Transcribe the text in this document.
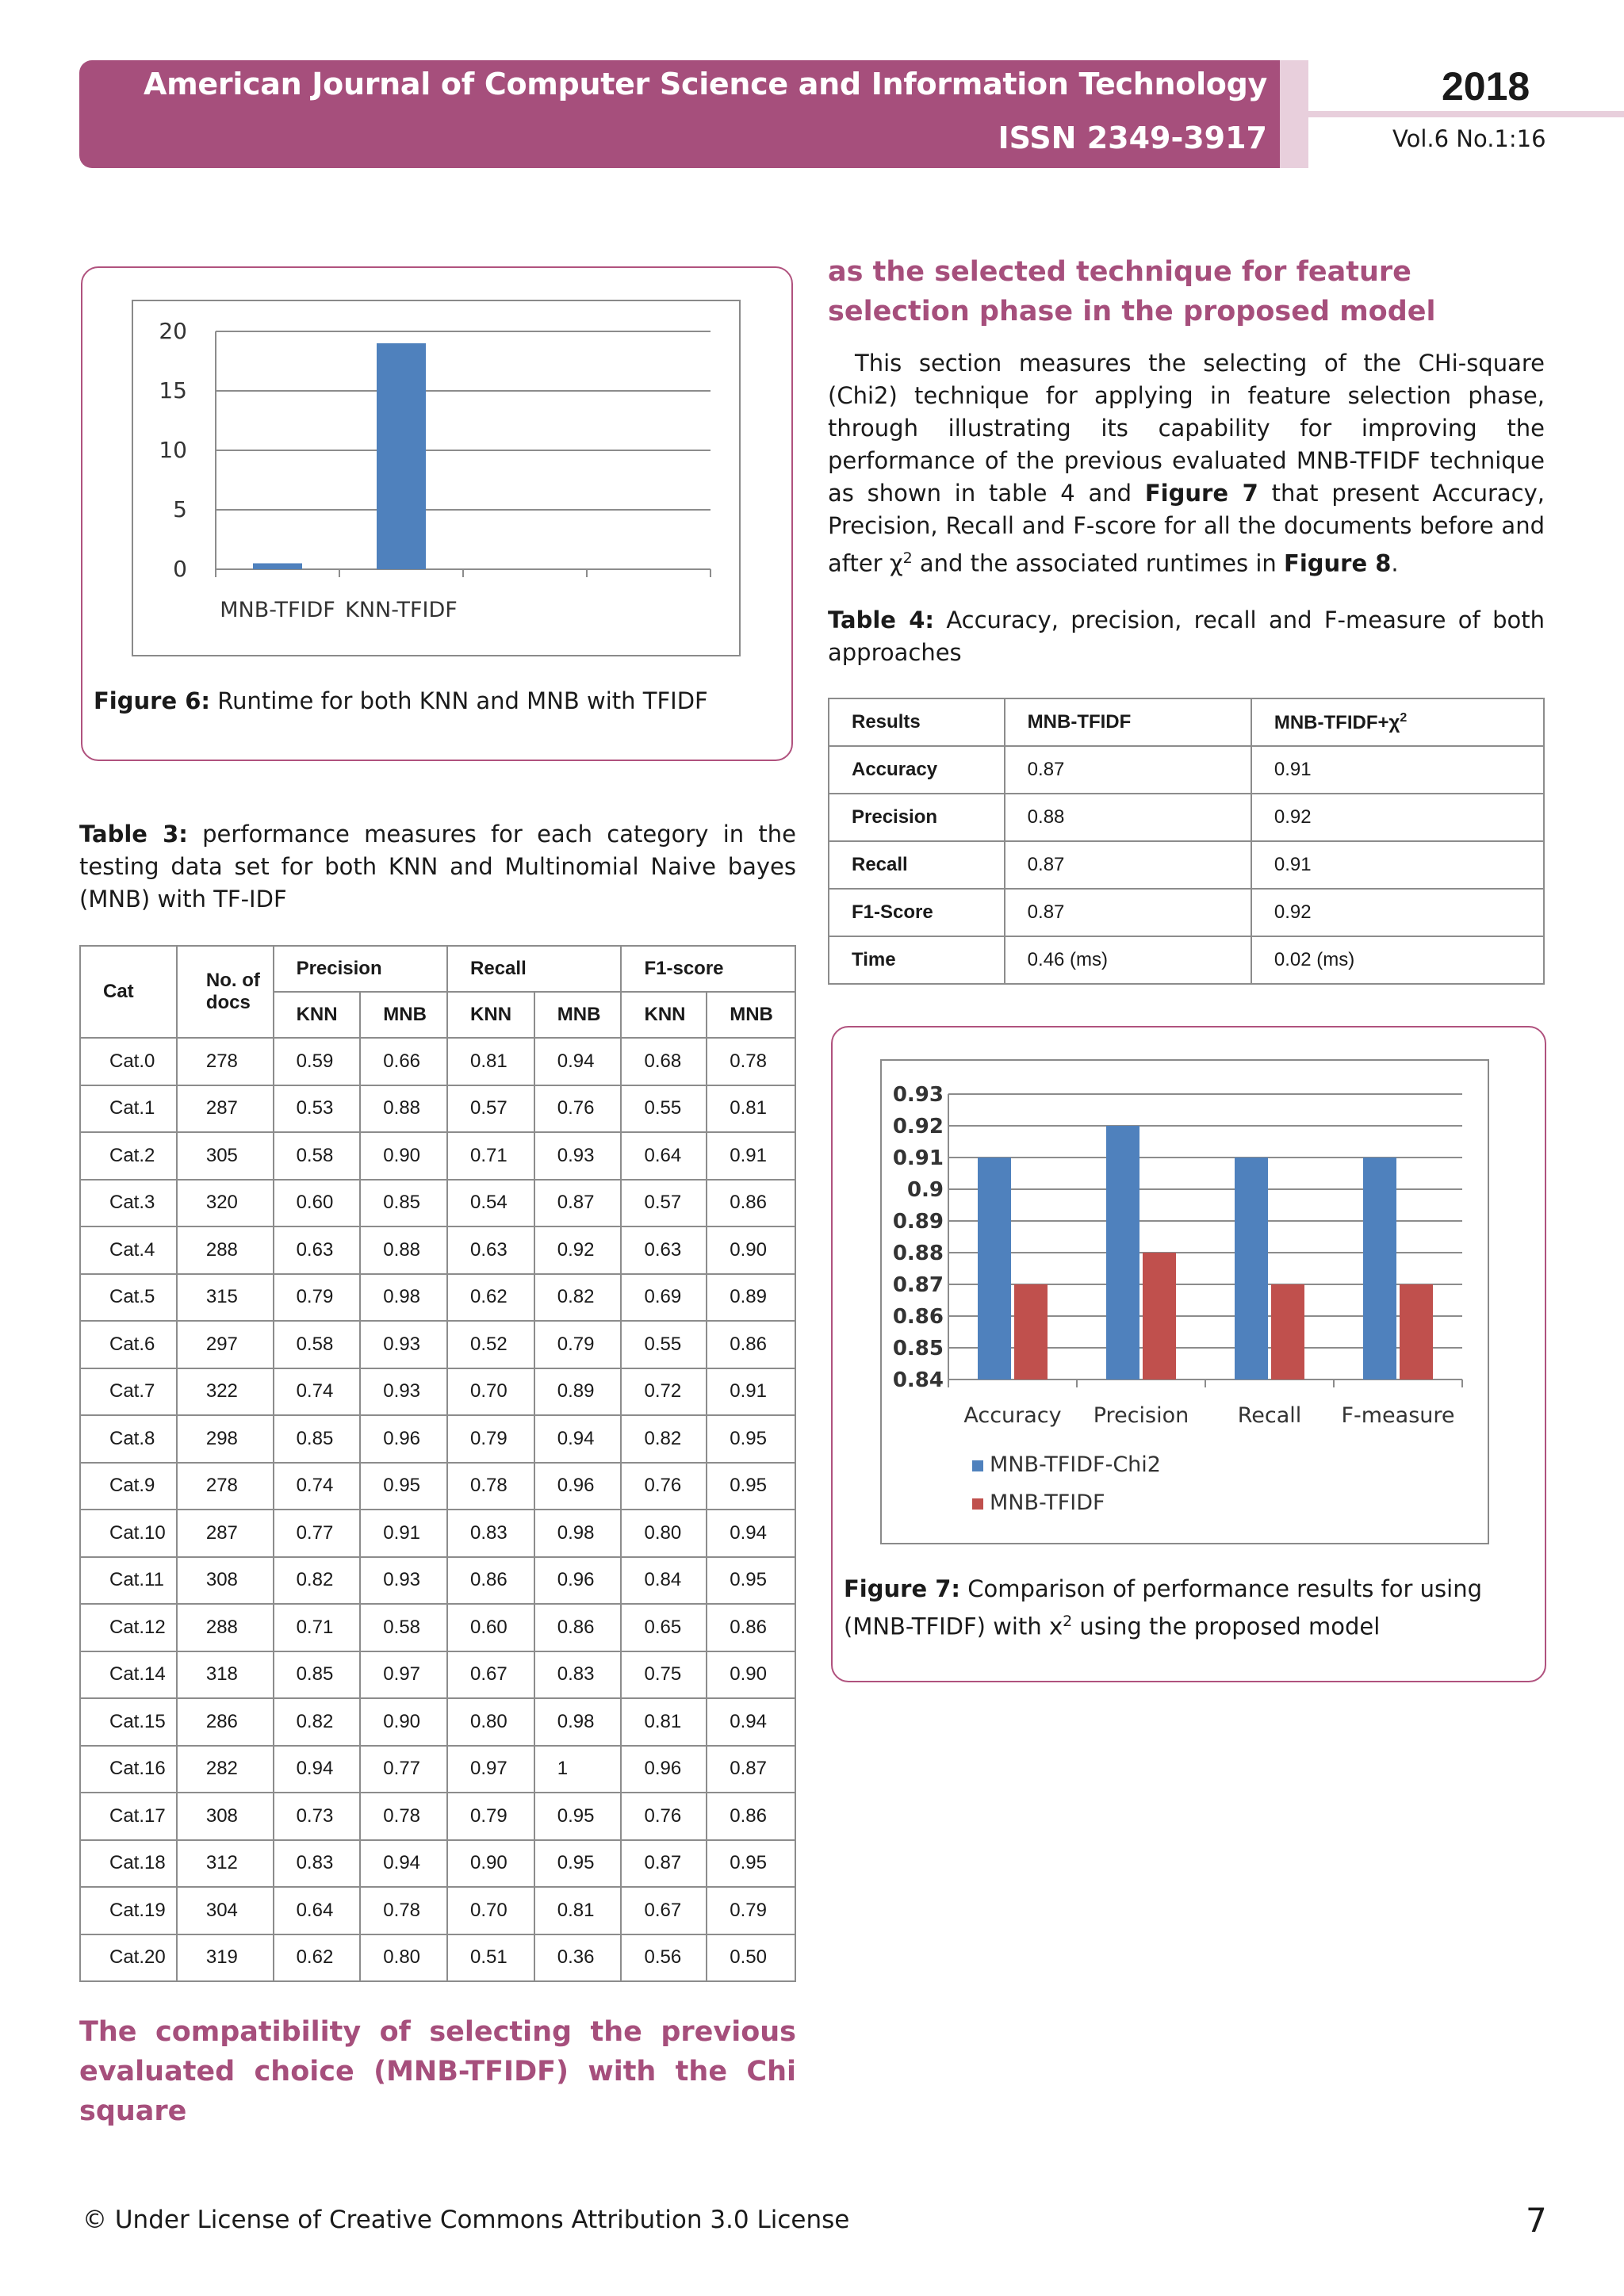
American Journal of Computer Science and Information Technology
ISSN 2349-3917
2018
Vol.6 No.1:16
0
5
10
15
20
MNB-TFIDF KNN-TFIDF
Figure 6: Runtime for both KNN and MNB with TFIDF
Table 3: performance measures for each category in the testing data set for both KNN and Multinomial Naive bayes (MNB) with TF-IDF
Cat	No. of docs	Precision		Recall		F1-score	
		KNN	MNB	KNN	MNB	KNN	MNB
Cat.0	278	0.59	0.66	0.81	0.94	0.68	0.78
Cat.1	287	0.53	0.88	0.57	0.76	0.55	0.81
Cat.2	305	0.58	0.90	0.71	0.93	0.64	0.91
Cat.3	320	0.60	0.85	0.54	0.87	0.57	0.86
Cat.4	288	0.63	0.88	0.63	0.92	0.63	0.90
Cat.5	315	0.79	0.98	0.62	0.82	0.69	0.89
Cat.6	297	0.58	0.93	0.52	0.79	0.55	0.86
Cat.7	322	0.74	0.93	0.70	0.89	0.72	0.91
Cat.8	298	0.85	0.96	0.79	0.94	0.82	0.95
Cat.9	278	0.74	0.95	0.78	0.96	0.76	0.95
Cat.10	287	0.77	0.91	0.83	0.98	0.80	0.94
Cat.11	308	0.82	0.93	0.86	0.96	0.84	0.95
Cat.12	288	0.71	0.58	0.60	0.86	0.65	0.86
Cat.14	318	0.85	0.97	0.67	0.83	0.75	0.90
Cat.15	286	0.82	0.90	0.80	0.98	0.81	0.94
Cat.16	282	0.94	0.77	0.97	1	0.96	0.87
Cat.17	308	0.73	0.78	0.79	0.95	0.76	0.86
Cat.18	312	0.83	0.94	0.90	0.95	0.87	0.95
Cat.19	304	0.64	0.78	0.70	0.81	0.67	0.79
Cat.20	319	0.62	0.80	0.51	0.36	0.56	0.50
The compatibility of selecting the previous evaluated choice (MNB-TFIDF) with the Chi square
as the selected technique for feature selection phase in the proposed model
This section measures the selecting of the CHi-square (Chi2) technique for applying in feature selection phase, through illustrating its capability for improving the performance of the previous evaluated MNB-TFIDF technique as shown in table 4 and Figure 7 that present Accuracy, Precision, Recall and F-score for all the documents before and after $\chi^2$ and the associated runtimes in Figure 8.
Table 4: Accuracy, precision, recall and F-measure of both approaches
Results	MNB-TFIDF	MNB-$TFIDF+\chi^2$
Accuracy	0.87	0.91
Precision	0.88	0.92
Recall	0.87	0.91
F1-Score	0.87	0.92
Time	0.46 (ms)	0.02 (ms)
0.84
0.85
0.86
0.87
0.88
0.89
0.9
0.91
0.92
0.93
Accuracy Precision Recall F-measure
MNB-TFIDF-Chi2
MNB-TFIDF
Figure 7: Comparison of performance results for using (MNB-TFIDF) with $x^2$ using the proposed model
© Under License of Creative Commons Attribution 3.0 License	7
